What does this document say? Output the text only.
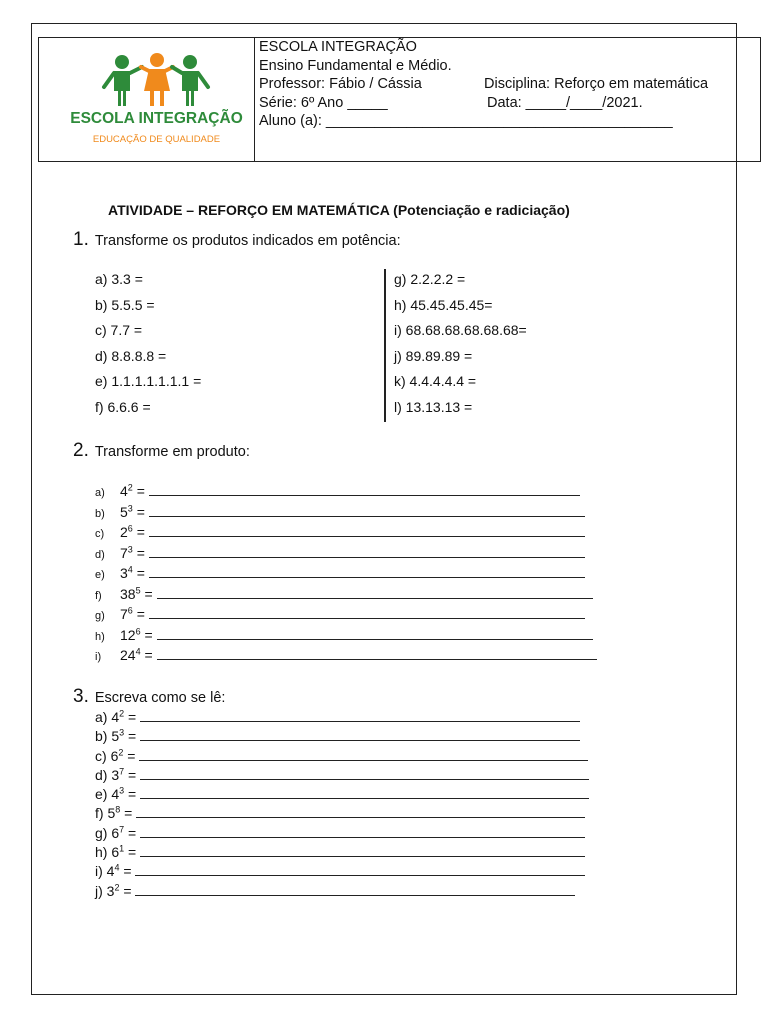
ESCOLA INTEGRAÇÃO
EDUCAÇÃO DE QUALIDADE
ESCOLA INTEGRAÇÃO
Ensino Fundamental e Médio.
Professor: Fábio / Cássia	Disciplina: Reforço em matemática
Série: 6º Ano _____	Data: _____/____/2021.
Aluno (a): ___________________________________________
ATIVIDADE – REFORÇO EM MATEMÁTICA (Potenciação e radiciação)
1. Transforme os produtos indicados em potência:
a) 3.3 =
b) 5.5.5 =
c) 7.7 =
d) 8.8.8.8 =
e) 1.1.1.1.1.1.1 =
f) 6.6.6 =
g) 2.2.2.2 =
h) 45.45.45.45=
i) 68.68.68.68.68.68=
j) 89.89.89 =
k) 4.4.4.4.4 =
l) 13.13.13 =
2. Transforme em produto:
a) $4^2$ =
b) $5^3$ =
c) $2^6$ =
d) $7^3$ =
e) $3^4$ =
f) $38^5$ =
g) $7^6$ =
h) $12^6$ =
i) $24^4$ =
3. Escreva como se lê:
a) $4^2$ =
b) $5^3$ =
c) $6^2$ =
d) $3^7$ =
e) $4^3$ =
f) $5^8$ =
g) $6^7$ =
h) $6^1$ =
i) $4^4$ =
j) $3^2$ =
